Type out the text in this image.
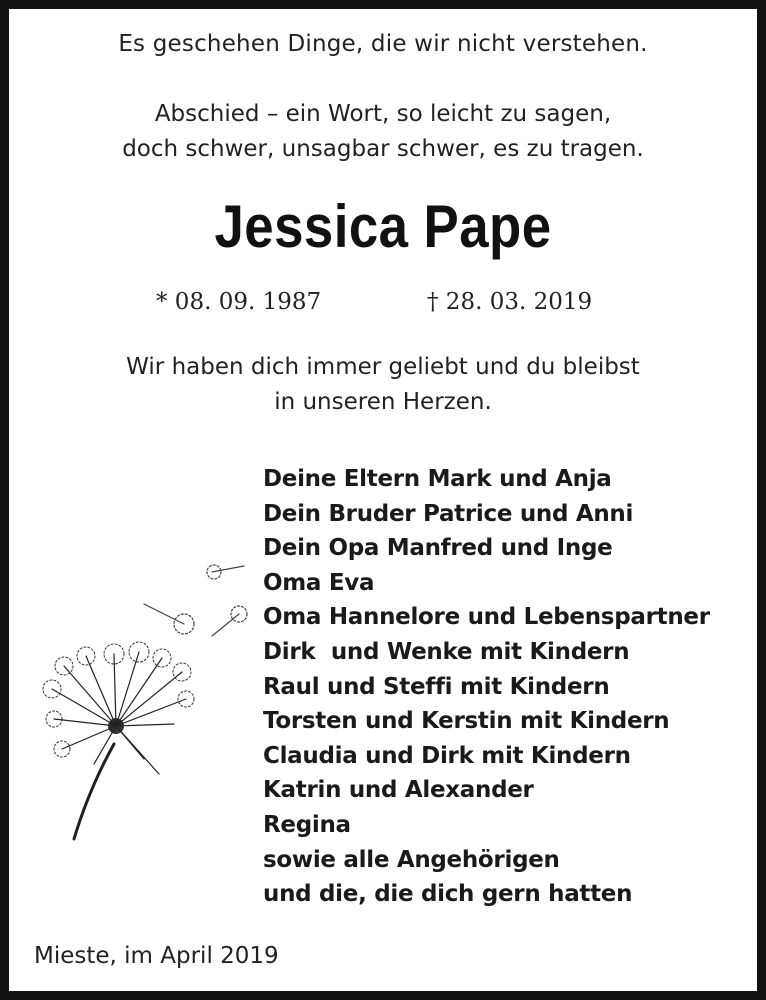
Es geschehen Dinge, die wir nicht verstehen.
Abschied – ein Wort, so leicht zu sagen,
doch schwer, unsagbar schwer, es zu tragen.
Jessica Pape
* 08. 09. 1987	† 28. 03. 2019
Wir haben dich immer geliebt und du bleibst
in unseren Herzen.
Deine Eltern Mark und Anja
Dein Bruder Patrice und Anni
Dein Opa Manfred und Inge
Oma Eva
Oma Hannelore und Lebenspartner
Dirk  und Wenke mit Kindern
Raul und Steffi mit Kindern
Torsten und Kerstin mit Kindern
Claudia und Dirk mit Kindern
Katrin und Alexander
Regina
sowie alle Angehörigen
und die, die dich gern hatten
Mieste, im April 2019
